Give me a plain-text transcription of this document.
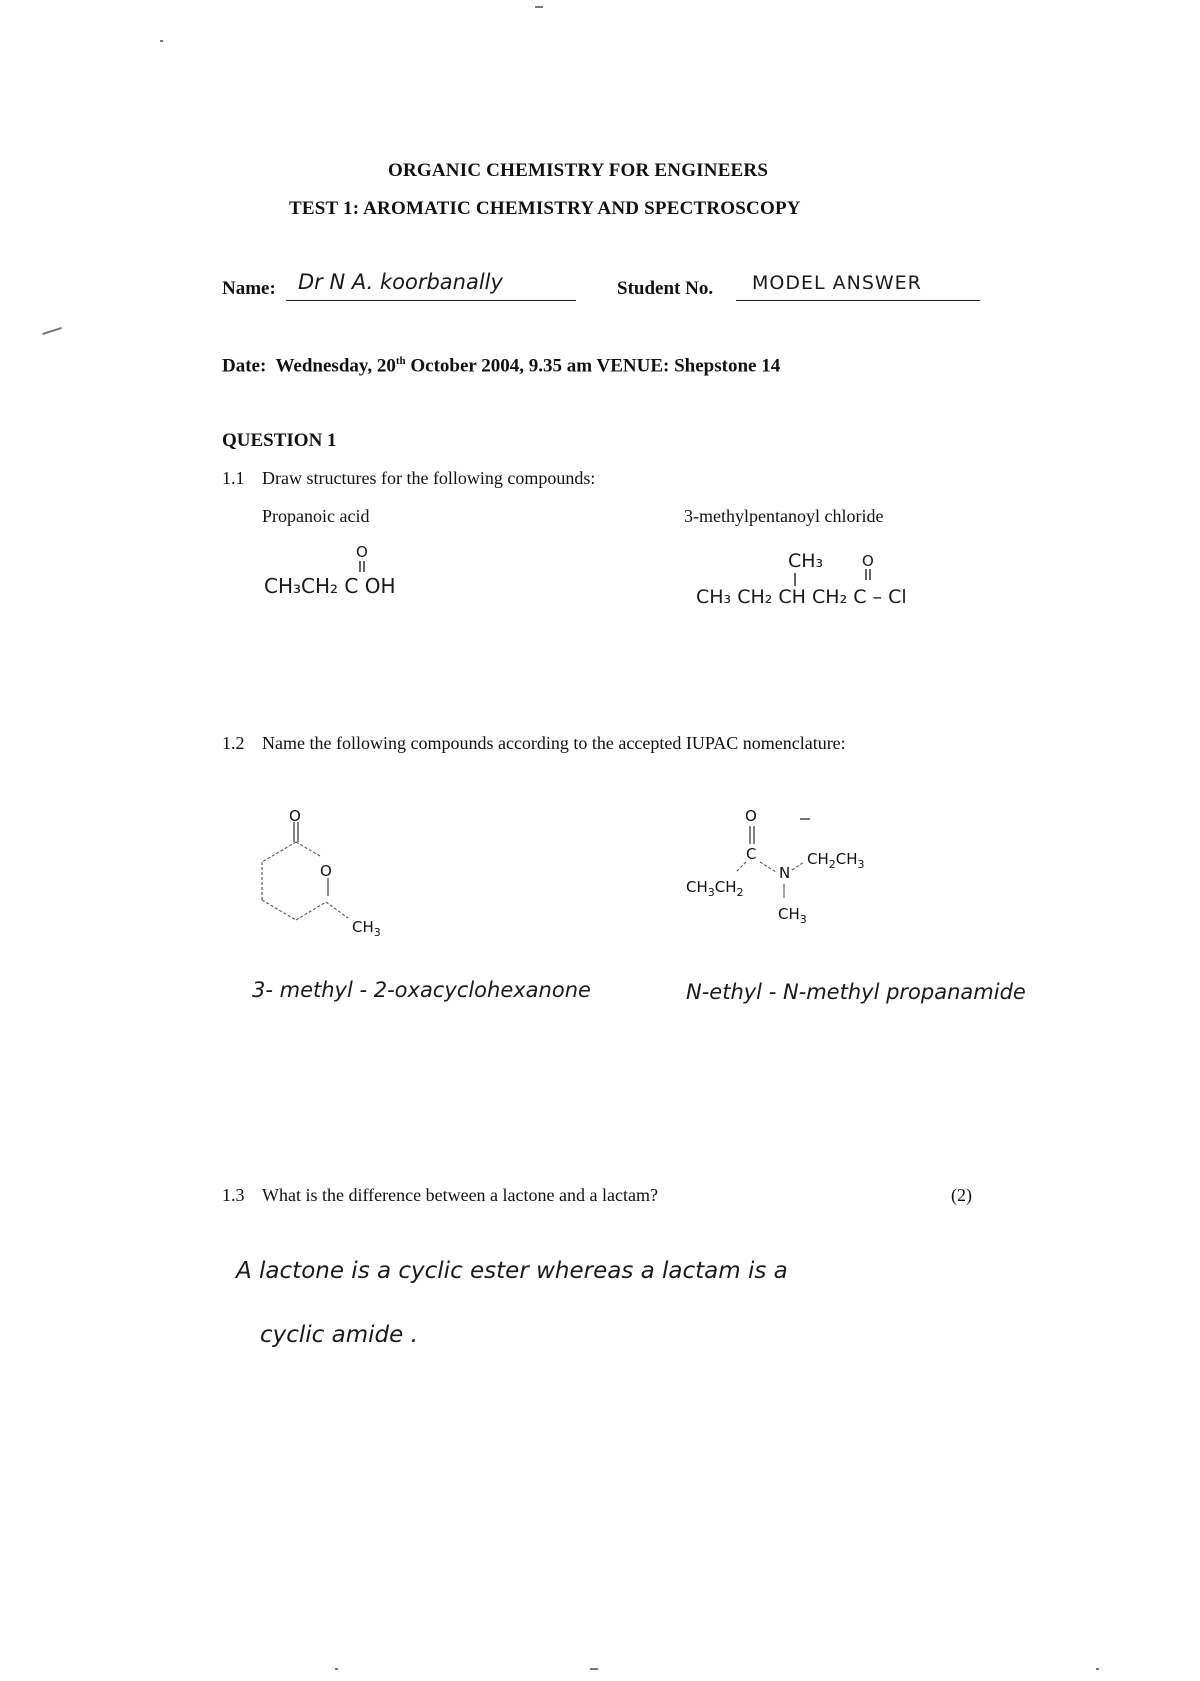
ORGANIC CHEMISTRY FOR ENGINEERS
TEST 1: AROMATIC CHEMISTRY AND SPECTROSCOPY
Name: Dr N A. koorbanally	Student No. MODEL ANSWER
Date: Wednesday, 20th October 2004, 9.35 am VENUE: Shepstone 14
QUESTION 1
1.1 Draw structures for the following compounds:
Propanoic acid	3-methylpentanoyl chloride
O
CH₃CH₂ C OH
CH₃	O
CH₃ CH₂ CH CH₂ C – Cl
1.2 Name the following compounds according to the accepted IUPAC nomenclature:
O
O
$CH_3$
O
C
N
$CH_2CH_3$
$CH_3CH_2$
$CH_3$
3- methyl - 2-oxacyclohexanone	N-ethyl - N-methyl propanamide
1.3 What is the difference between a lactone and a lactam?	(2)
A lactone is a cyclic ester whereas a lactam is a
cyclic amide .
